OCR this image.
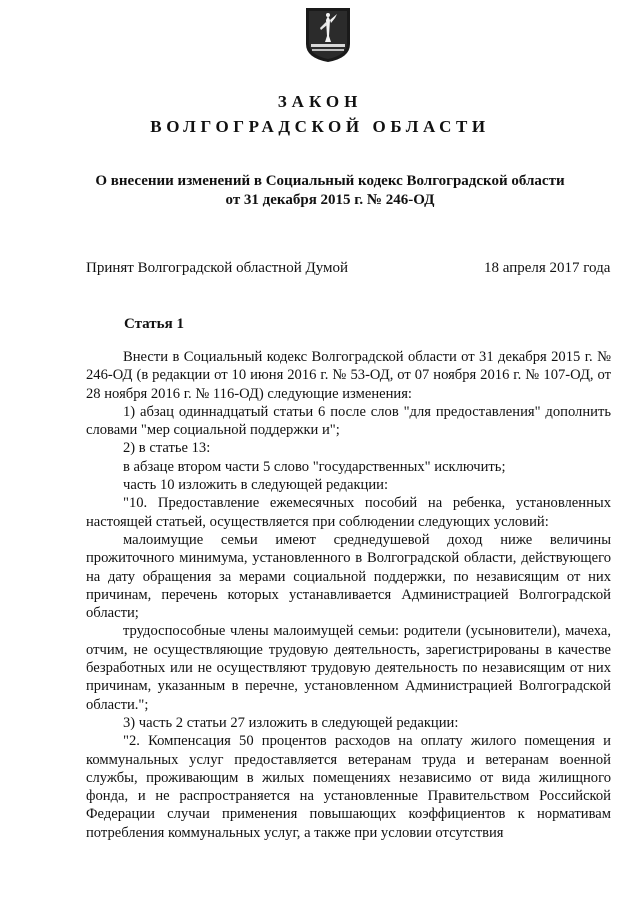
ЗАКОН
ВОЛГОГРАДСКОЙ ОБЛАСТИ
О внесении изменений в Социальный кодекс Волгоградской области
от 31 декабря 2015 г. № 246-ОД
Принят Волгоградской областной Думой	18 апреля 2017 года
Статья 1

Внести в Социальный кодекс Волгоградской области от 31 декабря 2015 г. № 246-ОД (в редакции от 10 июня 2016 г. № 53-ОД, от 07 ноября 2016 г. № 107-ОД, от 28 ноября 2016 г. № 116-ОД) следующие изменения:

1) абзац одиннадцатый статьи 6 после слов "для предоставления" дополнить словами "мер социальной поддержки и";

2) в статье 13:

в абзаце втором части 5 слово "государственных" исключить;

часть 10 изложить в следующей редакции:

"10. Предоставление ежемесячных пособий на ребенка, установленных настоящей статьей, осуществляется при соблюдении следующих условий:

малоимущие семьи имеют среднедушевой доход ниже величины прожиточного минимума, установленного в Волгоградской области, действующего на дату обращения за мерами социальной поддержки, по независящим от них причинам, перечень которых устанавливается Администрацией Волгоградской области;

трудоспособные члены малоимущей семьи: родители (усыновители), мачеха, отчим, не осуществляющие трудовую деятельность, зарегистрированы в качестве безработных или не осуществляют трудовую деятельность по независящим от них причинам, указанным в перечне, установленном Администрацией Волгоградской области.";

3) часть 2 статьи 27 изложить в следующей редакции:

"2. Компенсация 50 процентов расходов на оплату жилого помещения и коммунальных услуг предоставляется ветеранам труда и ветеранам военной службы, проживающим в жилых помещениях независимо от вида жилищного фонда, и не распространяется на установленные Правительством Российской Федерации случаи применения повышающих коэффициентов к нормативам потребления коммунальных услуг, а также при условии отсутствия
